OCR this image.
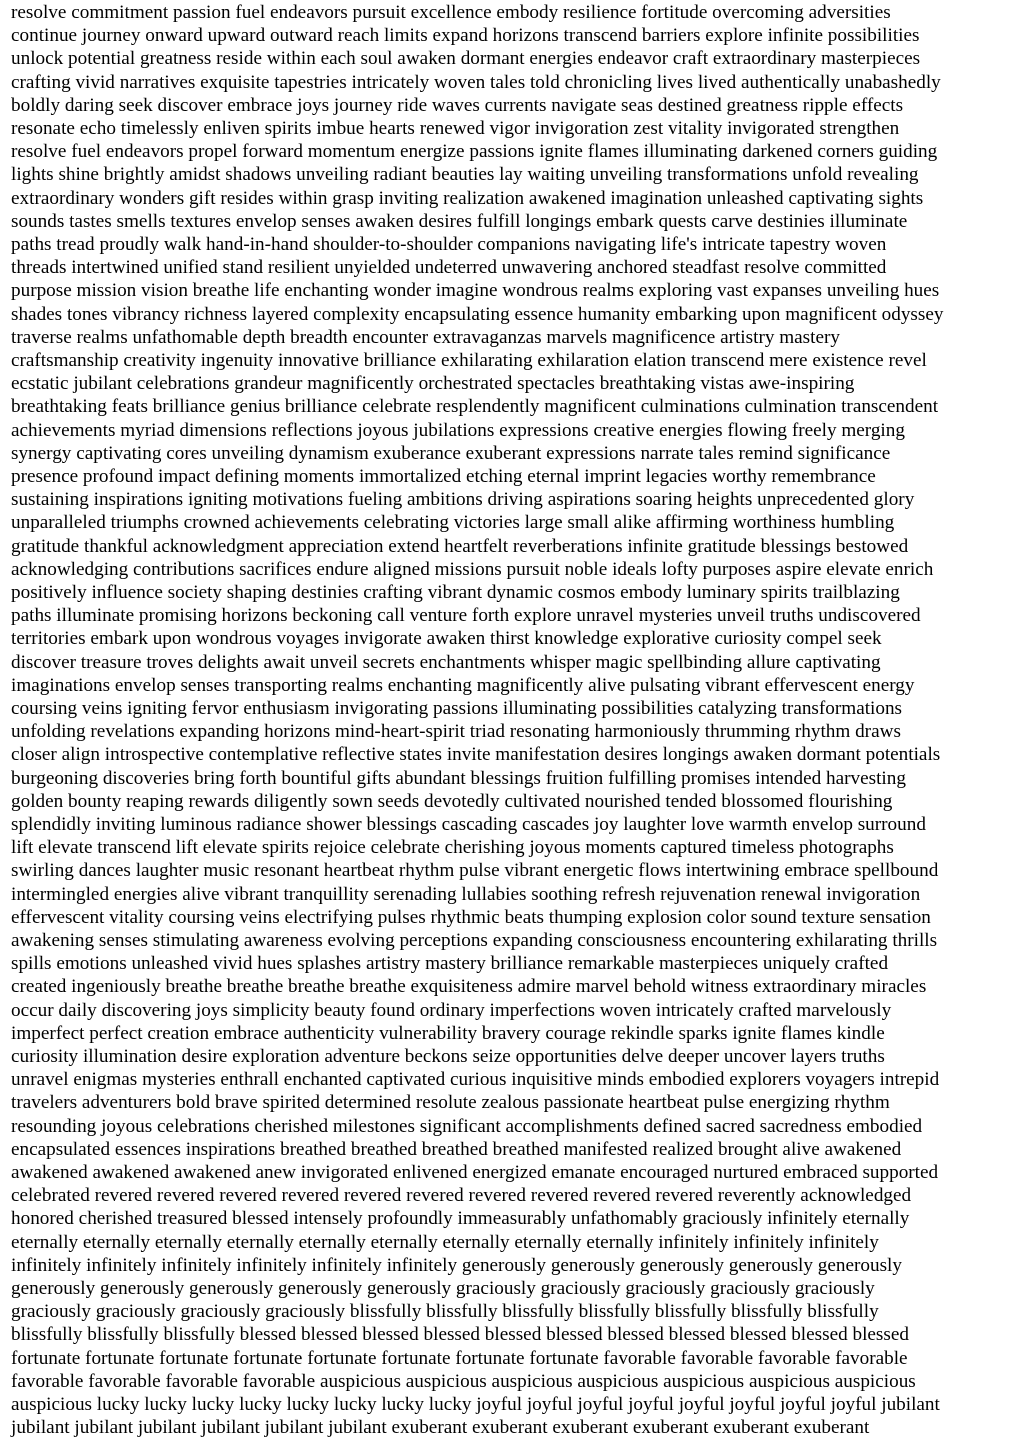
resolve commitment passion fuel endeavors pursuit excellence embody resilience fortitude overcoming adversities
continue journey onward upward outward reach limits expand horizons transcend barriers explore infinite possibilities
unlock potential greatness reside within each soul awaken dormant energies endeavor craft extraordinary masterpieces
crafting vivid narratives exquisite tapestries intricately woven tales told chronicling lives lived authentically unabashedly
boldly daring seek discover embrace joys journey ride waves currents navigate seas destined greatness ripple effects
resonate echo timelessly enliven spirits imbue hearts renewed vigor invigoration zest vitality invigorated strengthen
resolve fuel endeavors propel forward momentum energize passions ignite flames illuminating darkened corners guiding
lights shine brightly amidst shadows unveiling radiant beauties lay waiting unveiling transformations unfold revealing
extraordinary wonders gift resides within grasp inviting realization awakened imagination unleashed captivating sights
sounds tastes smells textures envelop senses awaken desires fulfill longings embark quests carve destinies illuminate
paths tread proudly walk hand-in-hand shoulder-to-shoulder companions navigating life's intricate tapestry woven
threads intertwined unified stand resilient unyielded undeterred unwavering anchored steadfast resolve committed
purpose mission vision breathe life enchanting wonder imagine wondrous realms exploring vast expanses unveiling hues
shades tones vibrancy richness layered complexity encapsulating essence humanity embarking upon magnificent odyssey
traverse realms unfathomable depth breadth encounter extravaganzas marvels magnificence artistry mastery
craftsmanship creativity ingenuity innovative brilliance exhilarating exhilaration elation transcend mere existence revel
ecstatic jubilant celebrations grandeur magnificently orchestrated spectacles breathtaking vistas awe-inspiring
breathtaking feats brilliance genius brilliance celebrate resplendently magnificent culminations culmination transcendent
achievements myriad dimensions reflections joyous jubilations expressions creative energies flowing freely merging
synergy captivating cores unveiling dynamism exuberance exuberant expressions narrate tales remind significance
presence profound impact defining moments immortalized etching eternal imprint legacies worthy remembrance
sustaining inspirations igniting motivations fueling ambitions driving aspirations soaring heights unprecedented glory
unparalleled triumphs crowned achievements celebrating victories large small alike affirming worthiness humbling
gratitude thankful acknowledgment appreciation extend heartfelt reverberations infinite gratitude blessings bestowed
acknowledging contributions sacrifices endure aligned missions pursuit noble ideals lofty purposes aspire elevate enrich
positively influence society shaping destinies crafting vibrant dynamic cosmos embody luminary spirits trailblazing
paths illuminate promising horizons beckoning call venture forth explore unravel mysteries unveil truths undiscovered
territories embark upon wondrous voyages invigorate awaken thirst knowledge explorative curiosity compel seek
discover treasure troves delights await unveil secrets enchantments whisper magic spellbinding allure captivating
imaginations envelop senses transporting realms enchanting magnificently alive pulsating vibrant effervescent energy
coursing veins igniting fervor enthusiasm invigorating passions illuminating possibilities catalyzing transformations
unfolding revelations expanding horizons mind-heart-spirit triad resonating harmoniously thrumming rhythm draws
closer align introspective contemplative reflective states invite manifestation desires longings awaken dormant potentials
burgeoning discoveries bring forth bountiful gifts abundant blessings fruition fulfilling promises intended harvesting
golden bounty reaping rewards diligently sown seeds devotedly cultivated nourished tended blossomed flourishing
splendidly inviting luminous radiance shower blessings cascading cascades joy laughter love warmth envelop surround
lift elevate transcend lift elevate spirits rejoice celebrate cherishing joyous moments captured timeless photographs
swirling dances laughter music resonant heartbeat rhythm pulse vibrant energetic flows intertwining embrace spellbound
intermingled energies alive vibrant tranquillity serenading lullabies soothing refresh rejuvenation renewal invigoration
effervescent vitality coursing veins electrifying pulses rhythmic beats thumping explosion color sound texture sensation
awakening senses stimulating awareness evolving perceptions expanding consciousness encountering exhilarating thrills
spills emotions unleashed vivid hues splashes artistry mastery brilliance remarkable masterpieces uniquely crafted
created ingeniously breathe breathe breathe breathe exquisiteness admire marvel behold witness extraordinary miracles
occur daily discovering joys simplicity beauty found ordinary imperfections woven intricately crafted marvelously
imperfect perfect creation embrace authenticity vulnerability bravery courage rekindle sparks ignite flames kindle
curiosity illumination desire exploration adventure beckons seize opportunities delve deeper uncover layers truths
unravel enigmas mysteries enthrall enchanted captivated curious inquisitive minds embodied explorers voyagers intrepid
travelers adventurers bold brave spirited determined resolute zealous passionate heartbeat pulse energizing rhythm
resounding joyous celebrations cherished milestones significant accomplishments defined sacred sacredness embodied
encapsulated essences inspirations breathed breathed breathed breathed manifested realized brought alive awakened
awakened awakened awakened anew invigorated enlivened energized emanate encouraged nurtured embraced supported
celebrated revered revered revered revered revered revered revered revered revered revered reverently acknowledged
honored cherished treasured blessed intensely profoundly immeasurably unfathomably graciously infinitely eternally
eternally eternally eternally eternally eternally eternally eternally eternally eternally infinitely infinitely infinitely
infinitely infinitely infinitely infinitely infinitely infinitely generously generously generously generously generously
generously generously generously generously generously graciously graciously graciously graciously graciously
graciously graciously graciously graciously blissfully blissfully blissfully blissfully blissfully blissfully blissfully
blissfully blissfully blissfully blessed blessed blessed blessed blessed blessed blessed blessed blessed blessed blessed
fortunate fortunate fortunate fortunate fortunate fortunate fortunate fortunate favorable favorable favorable favorable
favorable favorable favorable favorable auspicious auspicious auspicious auspicious auspicious auspicious auspicious
auspicious lucky lucky lucky lucky lucky lucky lucky lucky joyful joyful joyful joyful joyful joyful joyful joyful jubilant
jubilant jubilant jubilant jubilant jubilant jubilant exuberant exuberant exuberant exuberant exuberant exuberant
